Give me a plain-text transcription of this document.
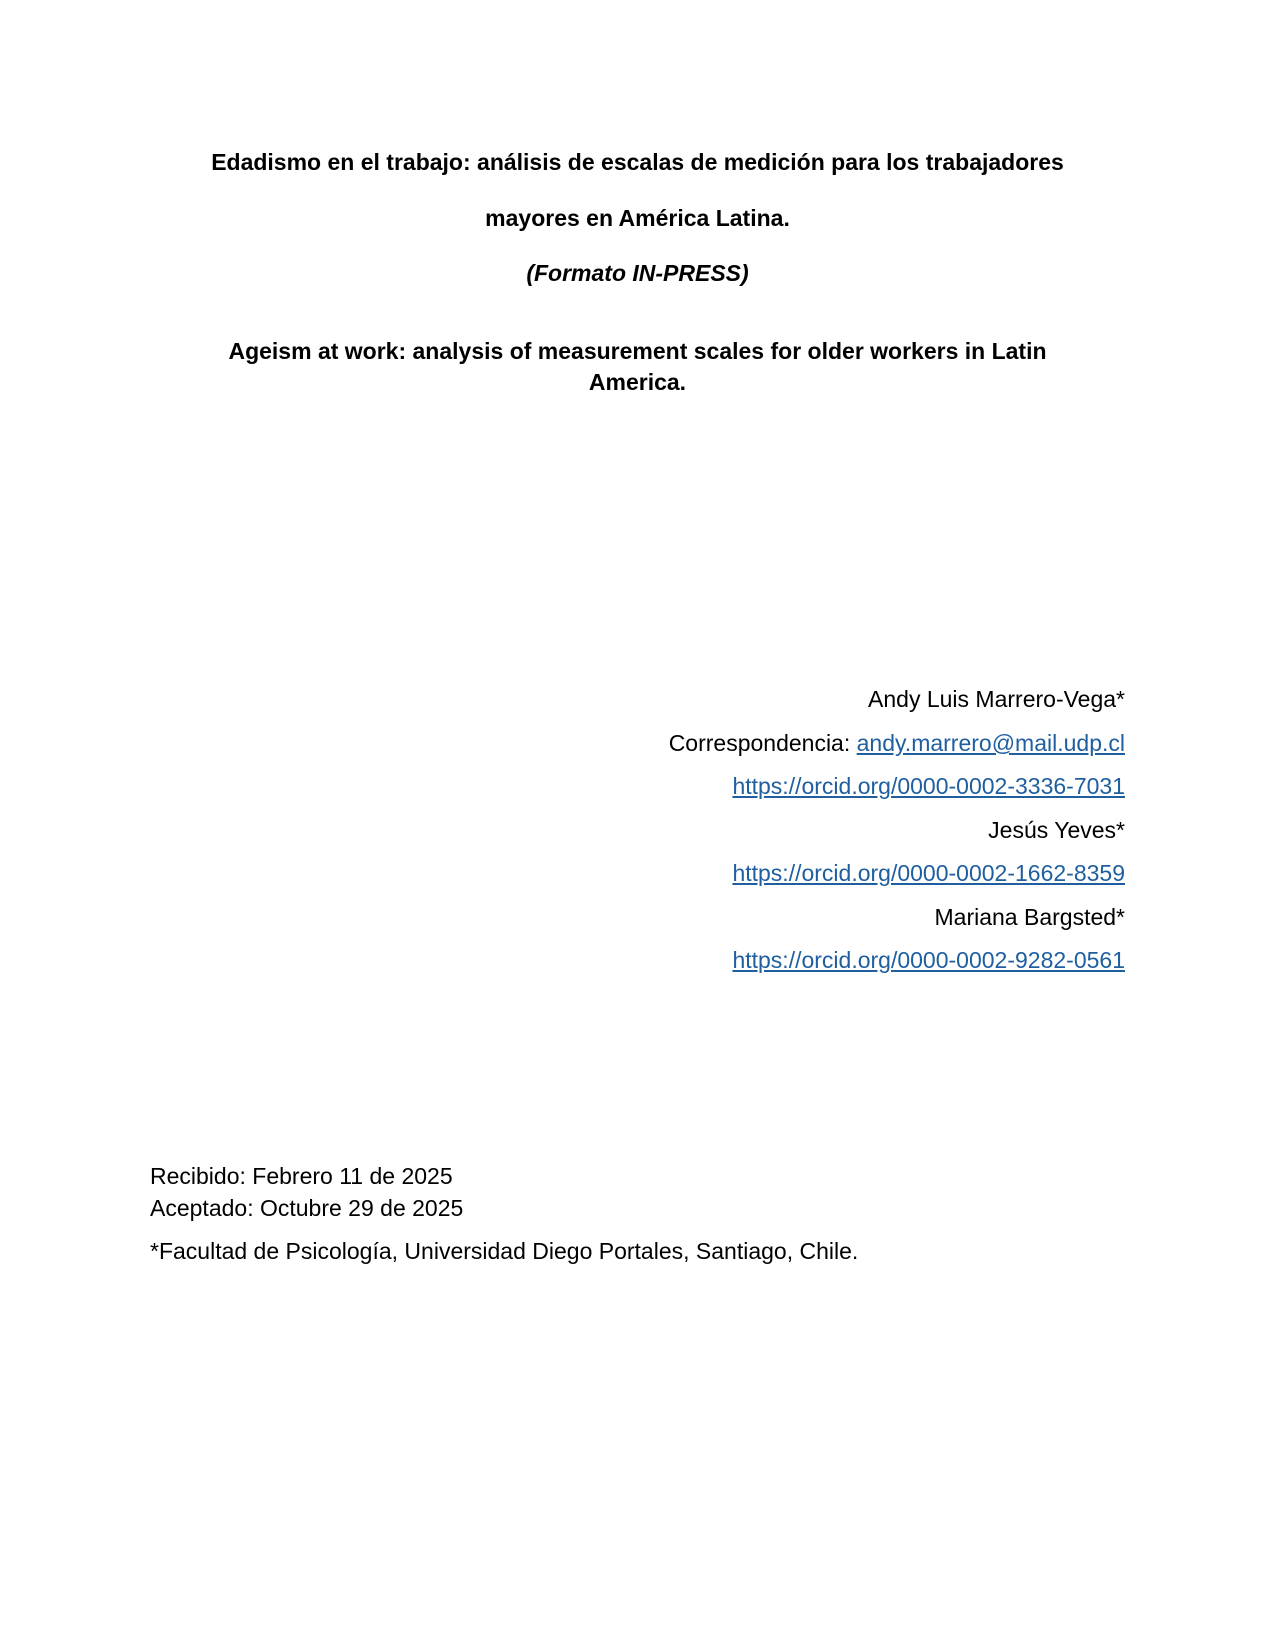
Edadismo en el trabajo: análisis de escalas de medición para los trabajadores
mayores en América Latina.
(Formato IN-PRESS)
Ageism at work: analysis of measurement scales for older workers in Latin
America.
Andy Luis Marrero-Vega*
Correspondencia: andy.marrero@mail.udp.cl
https://orcid.org/0000-0002-3336-7031
Jesús Yeves*
https://orcid.org/0000-0002-1662-8359
Mariana Bargsted*
https://orcid.org/0000-0002-9282-0561
Recibido: Febrero 11 de 2025
Aceptado: Octubre 29 de 2025
*Facultad de Psicología, Universidad Diego Portales, Santiago, Chile.
